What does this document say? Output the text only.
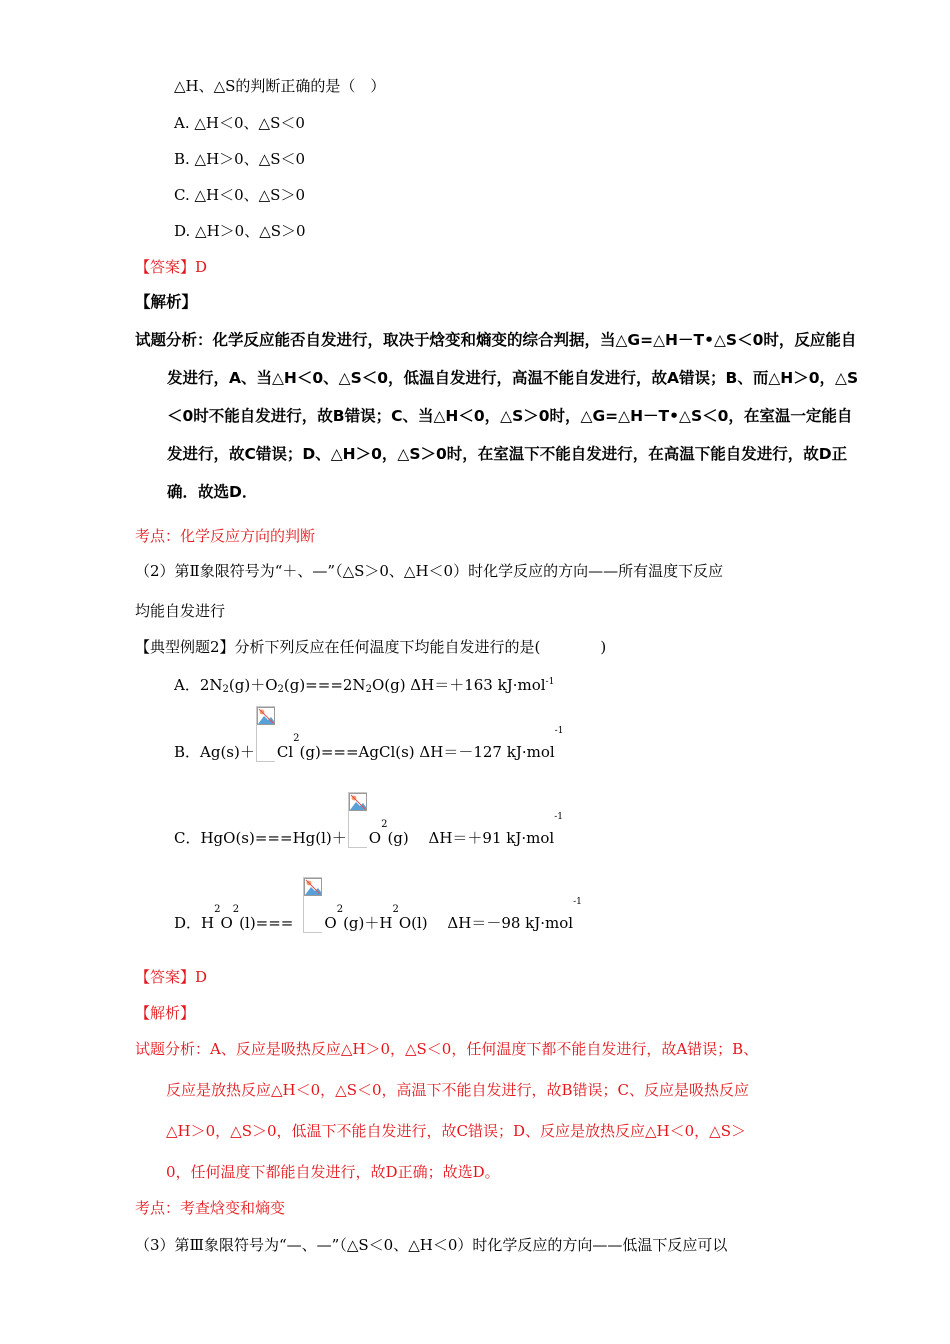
△H、△S的判断正确的是（　）
A. △H＜0、△S＜0
B. △H＞0、△S＜0
C. △H＜0、△S＞0
D. △H＞0、△S＞0
【答案】D
【解析】
试题分析：化学反应能否自发进行，取决于焓变和熵变的综合判据，当△G=△H－T•△S＜0时，反应能自
发进行，A、当△H＜0、△S＜0，低温自发进行，高温不能自发进行，故A错误；B、而△H＞0，△S
＜0时不能自发进行，故B错误；C、当△H＜0，△S＞0时，△G=△H－T•△S＜0，在室温一定能自
发进行，故C错误；D、△H＞0，△S＞0时，在室温下不能自发进行，在高温下能自发进行，故D正
确．故选D．
考点：化学反应方向的判断
（2）第Ⅱ象限符号为“＋、—”（△S＞0、△H＜0）时化学反应的方向——所有温度下反应
均能自发进行
【典型例题2】分析下列反应在任何温度下均能自发进行的是(　　　　)
A．$2N_2(g)+O_2(g)===2N_2O(g)$ ΔH＝＋163 kJ·mol$^{-1}$
B．$Ag(s)+ Cl_2(g)===AgCl(s)$ ΔH＝－127 kJ·mol$^{-1}$
C．$HgO(s)===Hg(l)+ O_2(g)$　 ΔH＝＋91 kJ·mol$^{-1}$
D．$H_2O_2(l)=== O_2(g)+H_2O(l)$　 ΔH＝－98 kJ·mol$^{-1}$
【答案】D
【解析】
试题分析：A、反应是吸热反应△H＞0，△S＜0，任何温度下都不能自发进行，故A错误；B、
反应是放热反应△H＜0，△S＜0，高温下不能自发进行，故B错误；C、反应是吸热反应
△H＞0，△S＞0，低温下不能自发进行，故C错误；D、反应是放热反应△H＜0，△S＞
0，任何温度下都能自发进行，故D正确；故选D。
考点：考查焓变和熵变
（3）第Ⅲ象限符号为“—、—”（△S＜0、△H＜0）时化学反应的方向——低温下反应可以
